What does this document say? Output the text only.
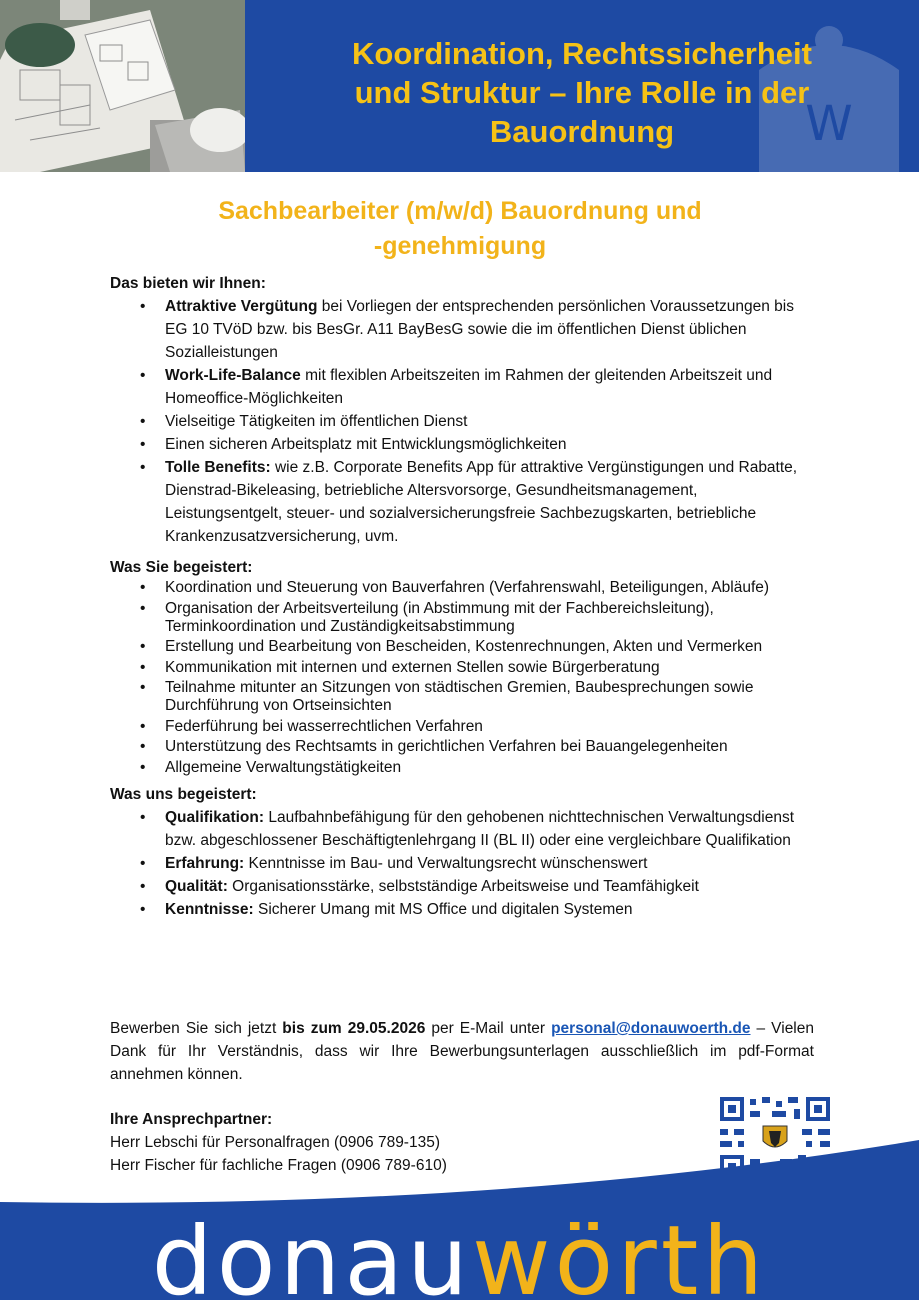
W
Koordination, Rechtssicherheit
und Struktur – Ihre Rolle in der
Bauordnung
Sachbearbeiter (m/w/d) Bauordnung und
-genehmigung

Das bieten wir Ihnen:

• Attraktive Vergütung bei Vorliegen der entsprechenden persönlichen Voraussetzungen bis EG 10 TVöD bzw. bis BesGr. A11 BayBesG sowie die im öffentlichen Dienst üblichen Sozialleistungen
• Work-Life-Balance mit flexiblen Arbeitszeiten im Rahmen der gleitenden Arbeitszeit und Homeoffice-Möglichkeiten
• Vielseitige Tätigkeiten im öffentlichen Dienst
• Einen sicheren Arbeitsplatz mit Entwicklungsmöglichkeiten
• Tolle Benefits: wie z.B. Corporate Benefits App für attraktive Vergünstigungen und Rabatte, Dienstrad-Bikeleasing, betriebliche Altersvorsorge, Gesundheitsmanagement, Leistungsentgelt, steuer- und sozialversicherungsfreie Sachbezugskarten, betriebliche Krankenzusatzversicherung, uvm.

Was Sie begeistert:

• Koordination und Steuerung von Bauverfahren (Verfahrenswahl, Beteiligungen, Abläufe)
• Organisation der Arbeitsverteilung (in Abstimmung mit der Fachbereichsleitung), Terminkoordination und Zuständigkeitsabstimmung
• Erstellung und Bearbeitung von Bescheiden, Kostenrechnungen, Akten und Vermerken
• Kommunikation mit internen und externen Stellen sowie Bürgerberatung
• Teilnahme mitunter an Sitzungen von städtischen Gremien, Baubesprechungen sowie Durchführung von Ortseinsichten
• Federführung bei wasserrechtlichen Verfahren
• Unterstützung des Rechtsamts in gerichtlichen Verfahren bei Bauangelegenheiten
• Allgemeine Verwaltungstätigkeiten

Was uns begeistert:

• Qualifikation: Laufbahnbefähigung für den gehobenen nichttechnischen Verwaltungsdienst bzw. abgeschlossener Beschäftigtenlehrgang II (BL II) oder eine vergleichbare Qualifikation
• Erfahrung: Kenntnisse im Bau- und Verwaltungsrecht wünschenswert
• Qualität: Organisationsstärke, selbstständige Arbeitsweise und Teamfähigkeit
• Kenntnisse: Sicherer Umang mit MS Office und digitalen Systemen
Bewerben Sie sich jetzt bis zum 29.05.2026 per E-Mail unter personal@donauwoerth.de – Vielen Dank für Ihr Verständnis, dass wir Ihre Bewerbungsunterlagen ausschließlich im pdf-Format annehmen können.
Ihre Ansprechpartner:
Herr Lebschi für Personalfragen (0906 789-135)
Herr Fischer für fachliche Fragen (0906 789-610)
donauwörth
